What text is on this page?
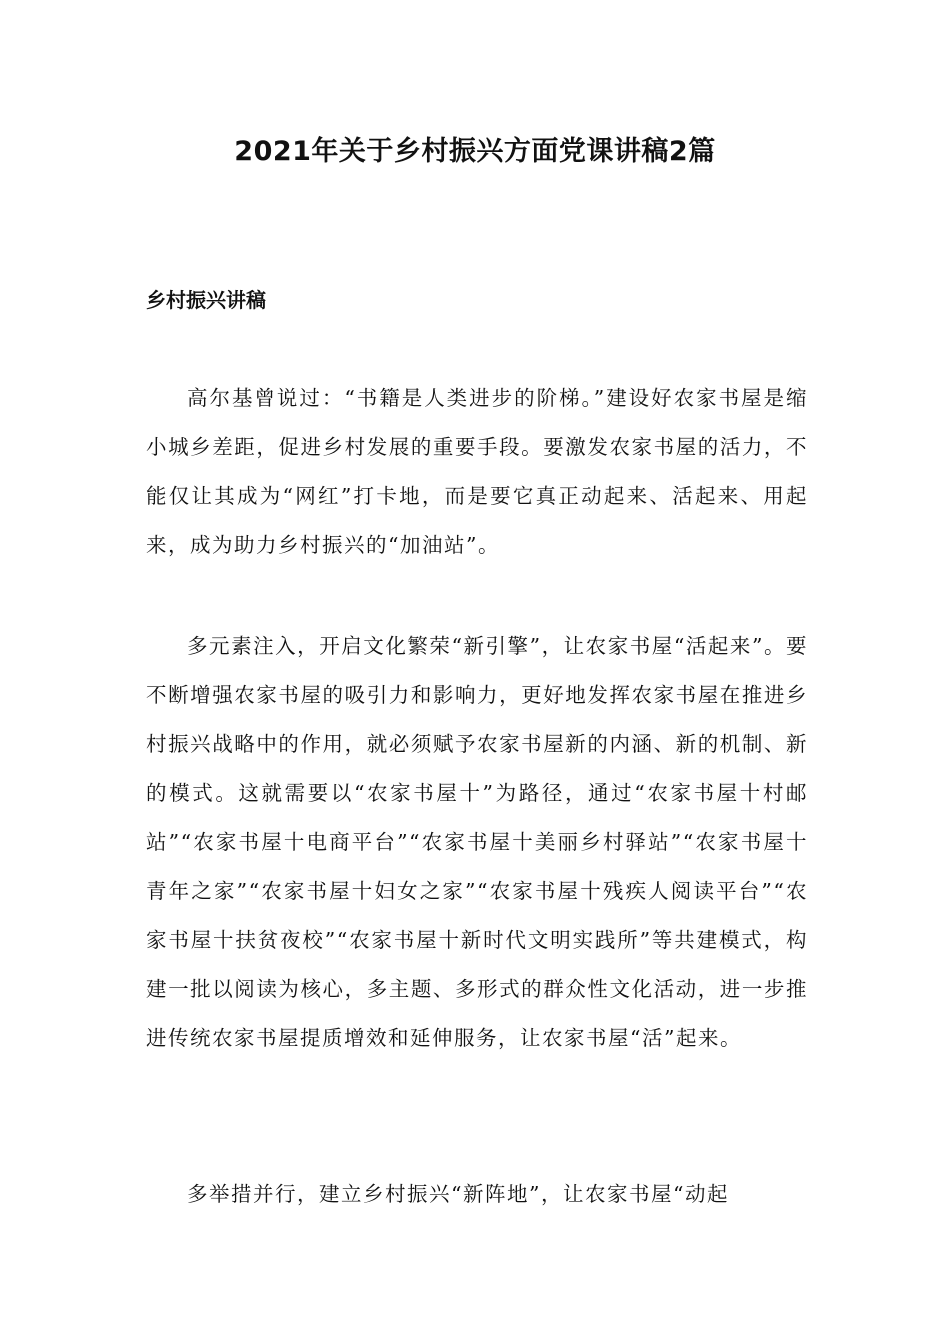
2021年关于乡村振兴方面党课讲稿2篇
乡村振兴讲稿

高尔基曾说过：“书籍是人类进步的阶梯。”建设好农家书屋是缩小城乡差距，促进乡村发展的重要手段。要激发农家书屋的活力，不能仅让其成为“网红”打卡地，而是要它真正动起来、活起来、用起来，成为助力乡村振兴的“加油站”。

多元素注入，开启文化繁荣“新引擎”，让农家书屋“活起来”。要不断增强农家书屋的吸引力和影响力，更好地发挥农家书屋在推进乡村振兴战略中的作用，就必须赋予农家书屋新的内涵、新的机制、新的模式。这就需要以“农家书屋十”为路径，通过“农家书屋十村邮站”“农家书屋十电商平台”“农家书屋十美丽乡村驿站”“农家书屋十青年之家”“农家书屋十妇女之家”“农家书屋十残疾人阅读平台”“农家书屋十扶贫夜校”“农家书屋十新时代文明实践所”等共建模式，构建一批以阅读为核心，多主题、多形式的群众性文化活动，进一步推进传统农家书屋提质增效和延伸服务，让农家书屋“活”起来。

多举措并行，建立乡村振兴“新阵地”，让农家书屋“动起
